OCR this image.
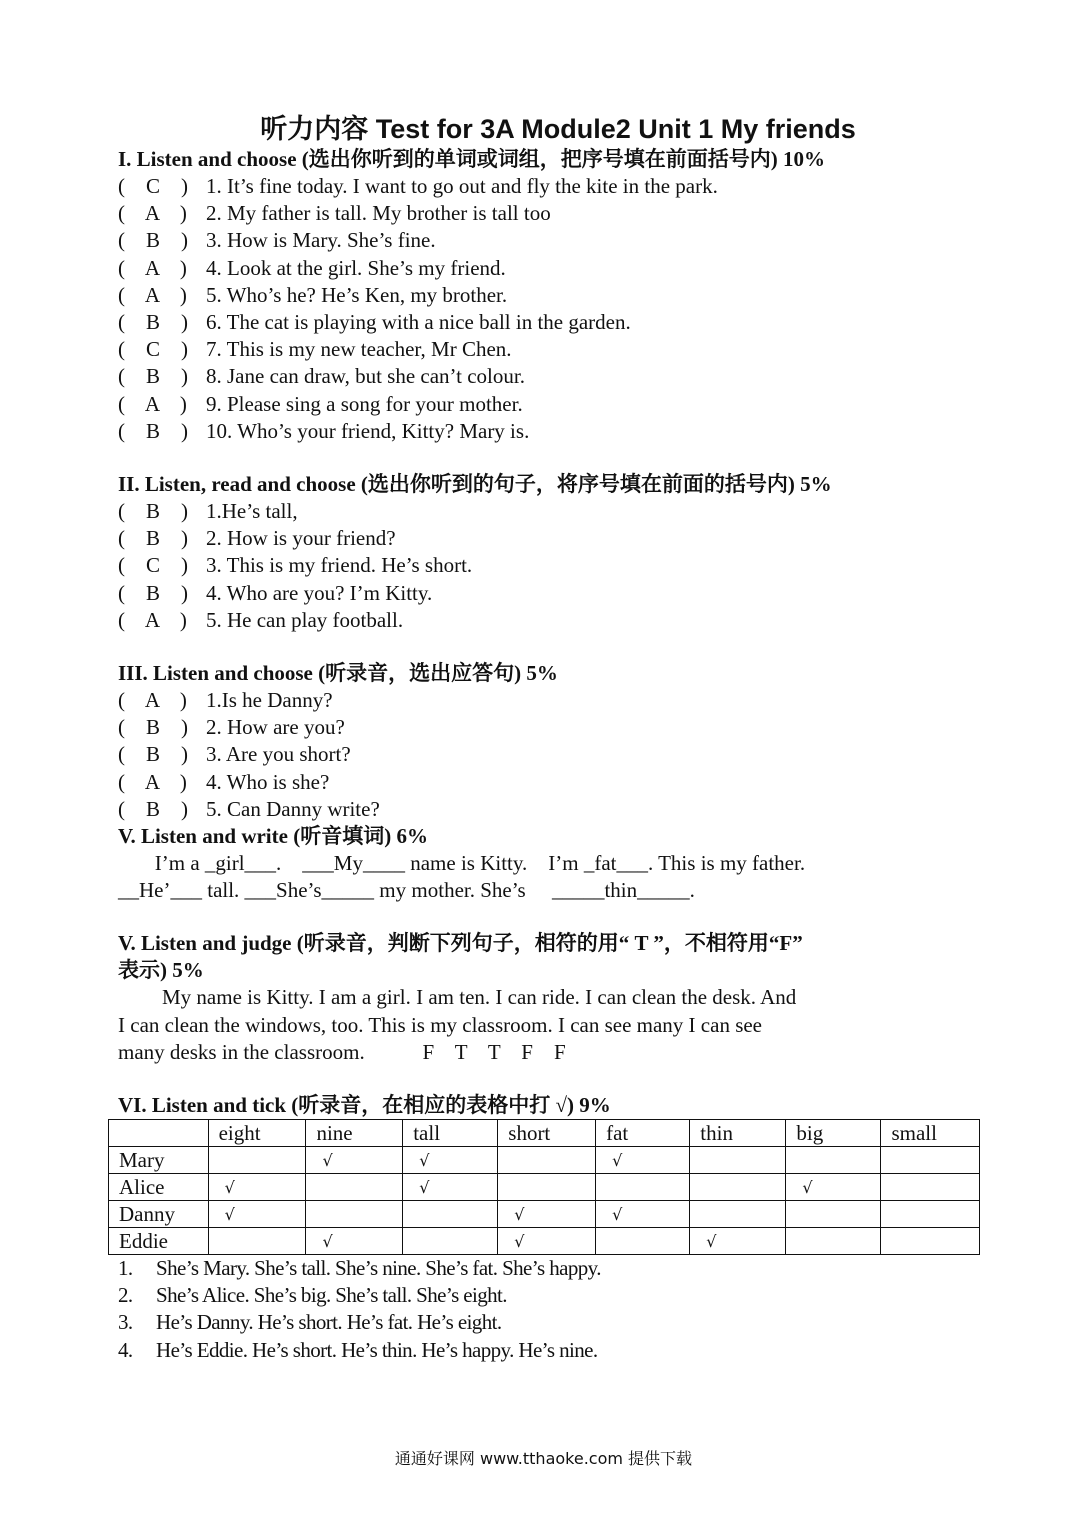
听力内容 Test for 3A Module2 Unit 1 My friends
I. Listen and choose (选出你听到的单词或词组，把序号填在前面括号内) 10%
(    C    ) 1. It’s fine today. I want to go out and fly the kite in the park.
(    A    ) 2. My father is tall. My brother is tall too
(    B    ) 3. How is Mary. She’s fine.
(    A    ) 4. Look at the girl. She’s my friend.
(    A    ) 5. Who’s he? He’s Ken, my brother.
(    B    ) 6. The cat is playing with a nice ball in the garden.
(    C    ) 7. This is my new teacher, Mr Chen.
(    B    ) 8. Jane can draw, but she can’t colour.
(    A    ) 9. Please sing a song for your mother.
(    B    ) 10. Who’s your friend, Kitty? Mary is.
II. Listen, read and choose (选出你听到的句子，将序号填在前面的括号内) 5%
(    B    ) 1.He’s tall,
(    B    ) 2. How is your friend?
(    C    ) 3. This is my friend. He’s short.
(    B    ) 4. Who are you? I’m Kitty.
(    A    ) 5. He can play football.
III. Listen and choose (听录音，选出应答句) 5%
(    A    ) 1.Is he Danny?
(    B    ) 2. How are you?
(    B    ) 3. Are you short?
(    A    ) 4. Who is she?
(    B    ) 5. Can Danny write?
V. Listen and write (听音填词) 6%
I’m a _girl___.    ___My____ name is Kitty.    I’m _fat___. This is my father.
__He’___ tall. ___She’s_____ my mother. She’s     _____thin_____.
V. Listen and judge (听录音，判断下列句子，相符的用“ T ”，不相符用“F”
表示) 5%
My name is Kitty. I am a girl. I am ten. I can ride. I can clean the desk. And
I can clean the windows, too. This is my classroom. I can see many I can see
many desks in the classroom.           F    T    T    F    F
VI. Listen and tick (听录音，在相应的表格中打 √) 9%
	eight	nine	tall	short	fat	thin	big	small
Mary		√	√		√			
Alice	√		√				√	
Danny	√			√	√			
Eddie		√		√		√		
1. She’s Mary. She’s tall. She’s nine. She’s fat. She’s happy.
2. She’s Alice. She’s big. She’s tall. She’s eight.
3. He’s Danny. He’s short. He’s fat. He’s eight.
4. He’s Eddie. He’s short. He’s thin. He’s happy. He’s nine.
通通好课网 www.tthaoke.com 提供下载
